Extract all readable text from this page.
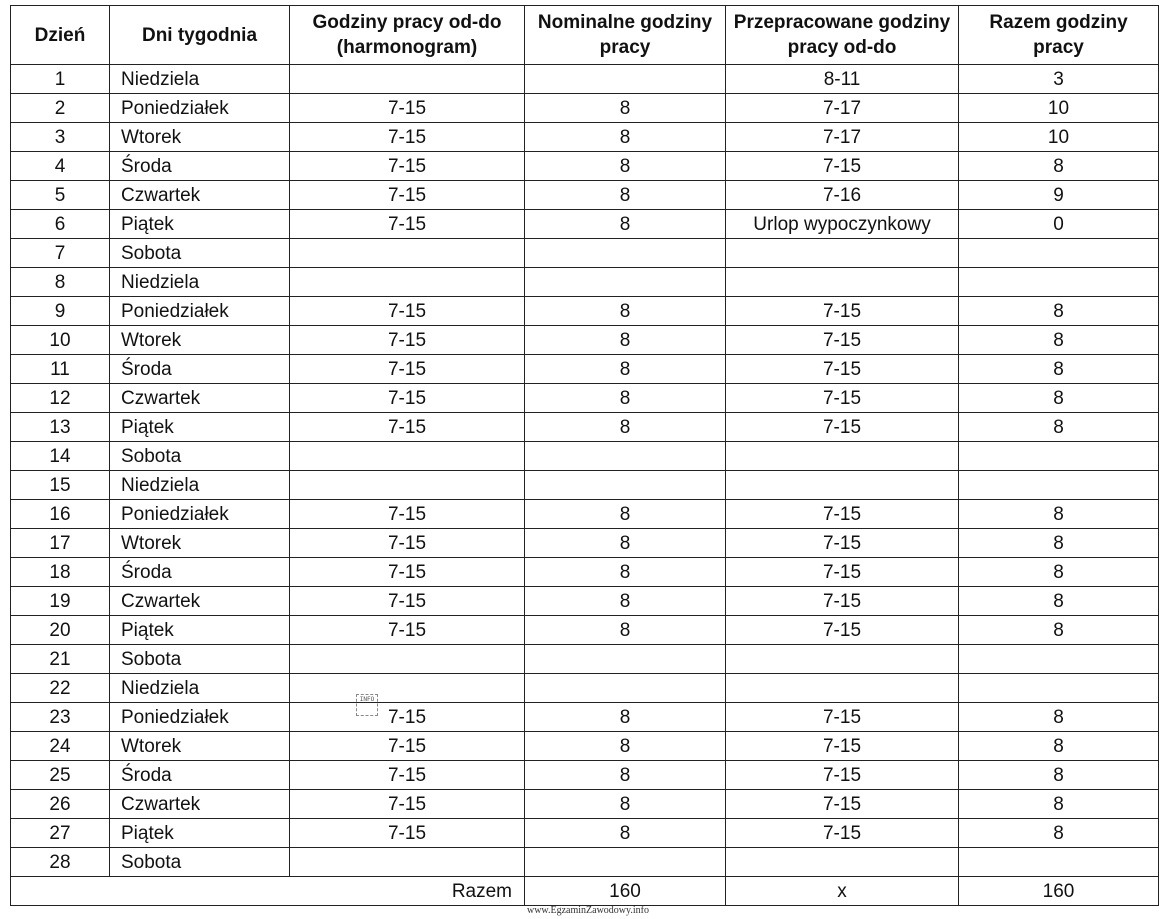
Dzień	Dni tygodnia	Godziny pracy od-do (harmonogram)	Nominalne godziny pracy	Przepracowane godziny pracy od-do	Razem godziny pracy
1	Niedziela			8-11	3
2	Poniedziałek	7-15	8	7-17	10
3	Wtorek	7-15	8	7-17	10
4	Środa	7-15	8	7-15	8
5	Czwartek	7-15	8	7-16	9
6	Piątek	7-15	8	Urlop wypoczynkowy	0
7	Sobota				
8	Niedziela				
9	Poniedziałek	7-15	8	7-15	8
10	Wtorek	7-15	8	7-15	8
11	Środa	7-15	8	7-15	8
12	Czwartek	7-15	8	7-15	8
13	Piątek	7-15	8	7-15	8
14	Sobota				
15	Niedziela				
16	Poniedziałek	7-15	8	7-15	8
17	Wtorek	7-15	8	7-15	8
18	Środa	7-15	8	7-15	8
19	Czwartek	7-15	8	7-15	8
20	Piątek	7-15	8	7-15	8
21	Sobota				
22	Niedziela				
23	Poniedziałek	7-15	8	7-15	8
24	Wtorek	7-15	8	7-15	8
25	Środa	7-15	8	7-15	8
26	Czwartek	7-15	8	7-15	8
27	Piątek	7-15	8	7-15	8
28	Sobota				
Razem			160	x	160
INFO
www.EgzaminZawodowy.info
